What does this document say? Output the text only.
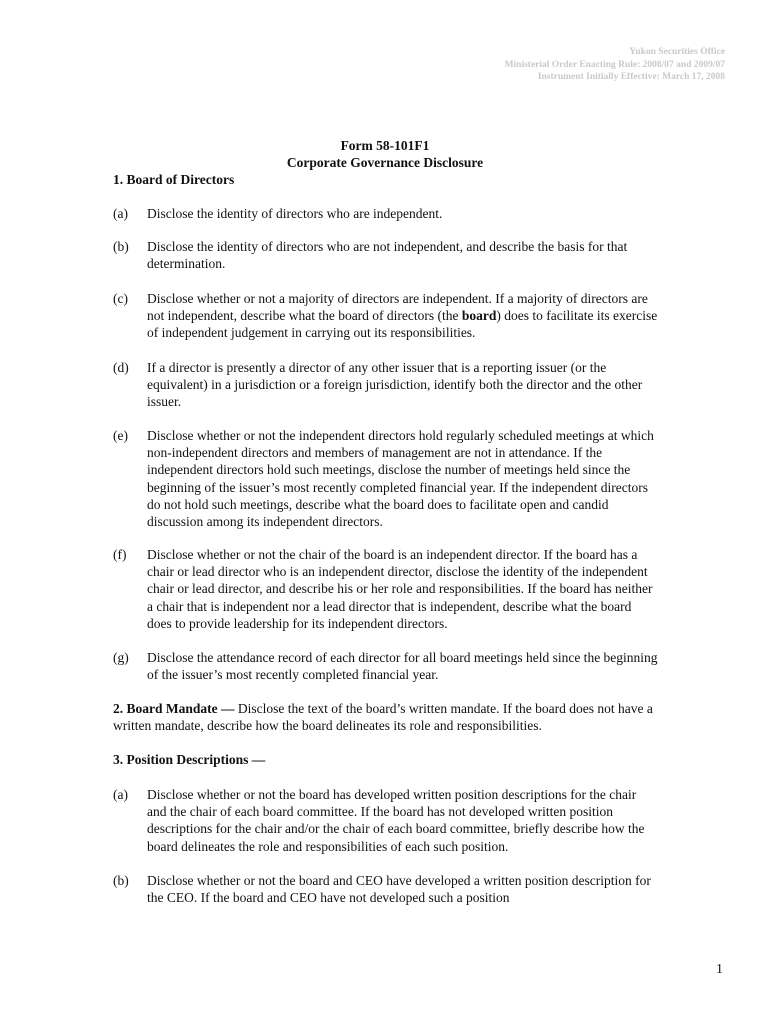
Yukon Securities Office
Ministerial Order Enacting Rule: 2008/07 and 2009/07
Instrument Initially Effective: March 17, 2008
Form 58-101F1
Corporate Governance Disclosure
1. Board of Directors
(a) Disclose the identity of directors who are independent.
(b) Disclose the identity of directors who are not independent, and describe the basis for that determination.
(c) Disclose whether or not a majority of directors are independent. If a majority of directors are not independent, describe what the board of directors (the board) does to facilitate its exercise of independent judgement in carrying out its responsibilities.
(d) If a director is presently a director of any other issuer that is a reporting issuer (or the equivalent) in a jurisdiction or a foreign jurisdiction, identify both the director and the other issuer.
(e) Disclose whether or not the independent directors hold regularly scheduled meetings at which non-independent directors and members of management are not in attendance. If the independent directors hold such meetings, disclose the number of meetings held since the beginning of the issuer’s most recently completed financial year. If the independent directors do not hold such meetings, describe what the board does to facilitate open and candid discussion among its independent directors.
(f) Disclose whether or not the chair of the board is an independent director. If the board has a chair or lead director who is an independent director, disclose the identity of the independent chair or lead director, and describe his or her role and responsibilities. If the board has neither a chair that is independent nor a lead director that is independent, describe what the board does to provide leadership for its independent directors.
(g) Disclose the attendance record of each director for all board meetings held since the beginning of the issuer’s most recently completed financial year.
2. Board Mandate — Disclose the text of the board’s written mandate. If the board does not have a written mandate, describe how the board delineates its role and responsibilities.
3. Position Descriptions —
(a) Disclose whether or not the board has developed written position descriptions for the chair and the chair of each board committee. If the board has not developed written position descriptions for the chair and/or the chair of each board committee, briefly describe how the board delineates the role and responsibilities of each such position.
(b) Disclose whether or not the board and CEO have developed a written position description for the CEO. If the board and CEO have not developed such a position
1
